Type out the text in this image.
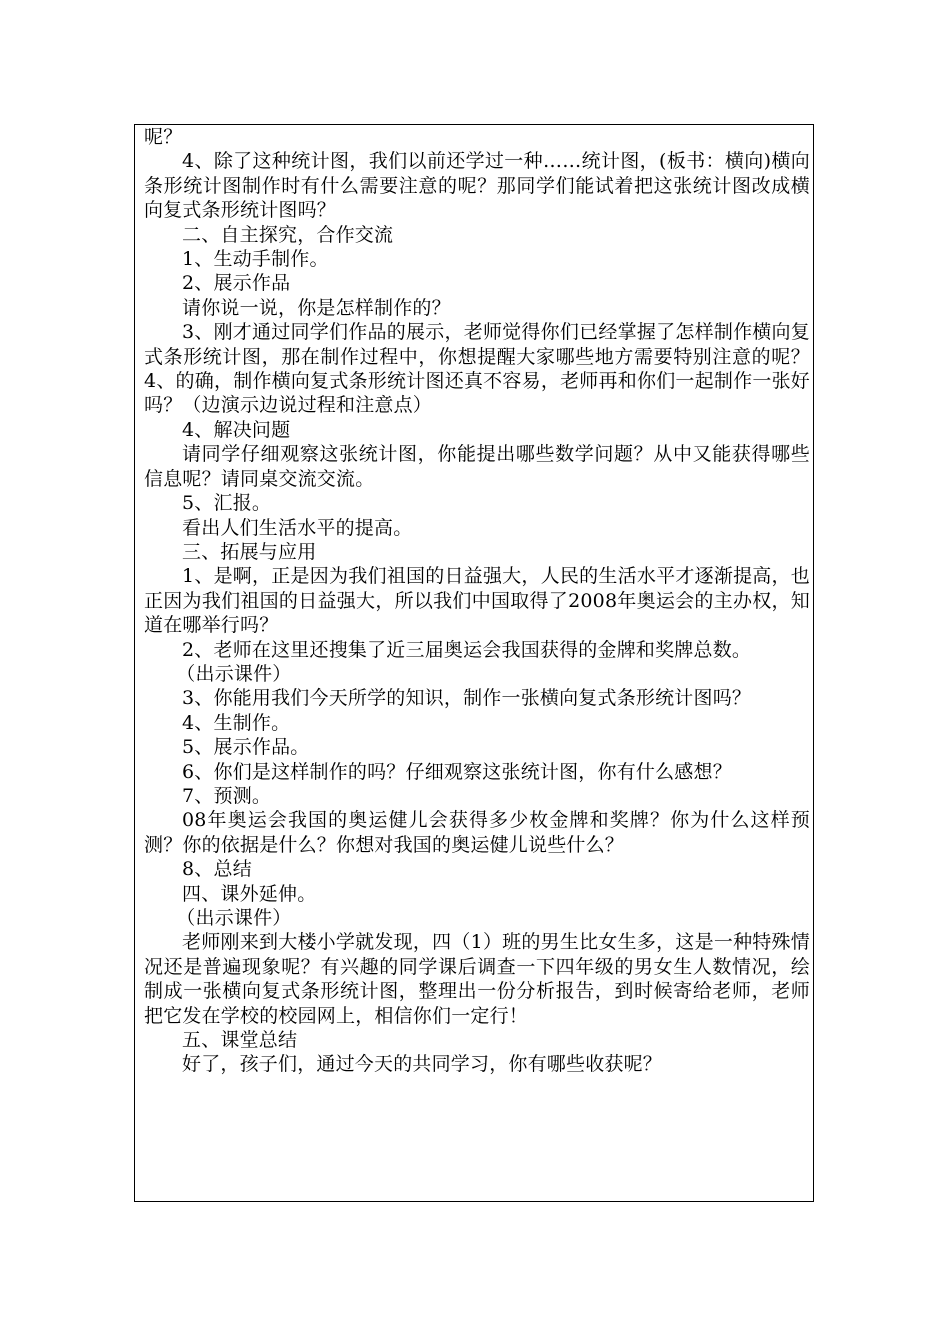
呢？

4、除了这种统计图，我们以前还学过一种……统计图，(板书：横向)横向条形统计图制作时有什么需要注意的呢？那同学们能试着把这张统计图改成横向复式条形统计图吗？

二、自主探究，合作交流

1、生动手制作。

2、展示作品

请你说一说，你是怎样制作的？

3、刚才通过同学们作品的展示，老师觉得你们已经掌握了怎样制作横向复式条形统计图，那在制作过程中，你想提醒大家哪些地方需要特别注意的呢？4、的确，制作横向复式条形统计图还真不容易，老师再和你们一起制作一张好吗？（边演示边说过程和注意点）

4、解决问题

请同学仔细观察这张统计图，你能提出哪些数学问题？从中又能获得哪些信息呢？请同桌交流交流。

5、汇报。

看出人们生活水平的提高。

三、拓展与应用

1、是啊，正是因为我们祖国的日益强大，人民的生活水平才逐渐提高，也正因为我们祖国的日益强大，所以我们中国取得了2008年奥运会的主办权，知道在哪举行吗？

2、老师在这里还搜集了近三届奥运会我国获得的金牌和奖牌总数。

（出示课件）

3、你能用我们今天所学的知识，制作一张横向复式条形统计图吗？

4、生制作。

5、展示作品。

6、你们是这样制作的吗？仔细观察这张统计图，你有什么感想？

7、预测。

08年奥运会我国的奥运健儿会获得多少枚金牌和奖牌？你为什么这样预测？你的依据是什么？你想对我国的奥运健儿说些什么？

8、总结

四、课外延伸。

（出示课件）

老师刚来到大楼小学就发现，四（1）班的男生比女生多，这是一种特殊情况还是普遍现象呢？有兴趣的同学课后调查一下四年级的男女生人数情况，绘制成一张横向复式条形统计图，整理出一份分析报告，到时候寄给老师，老师把它发在学校的校园网上，相信你们一定行！

五、课堂总结

好了，孩子们，通过今天的共同学习，你有哪些收获呢？
